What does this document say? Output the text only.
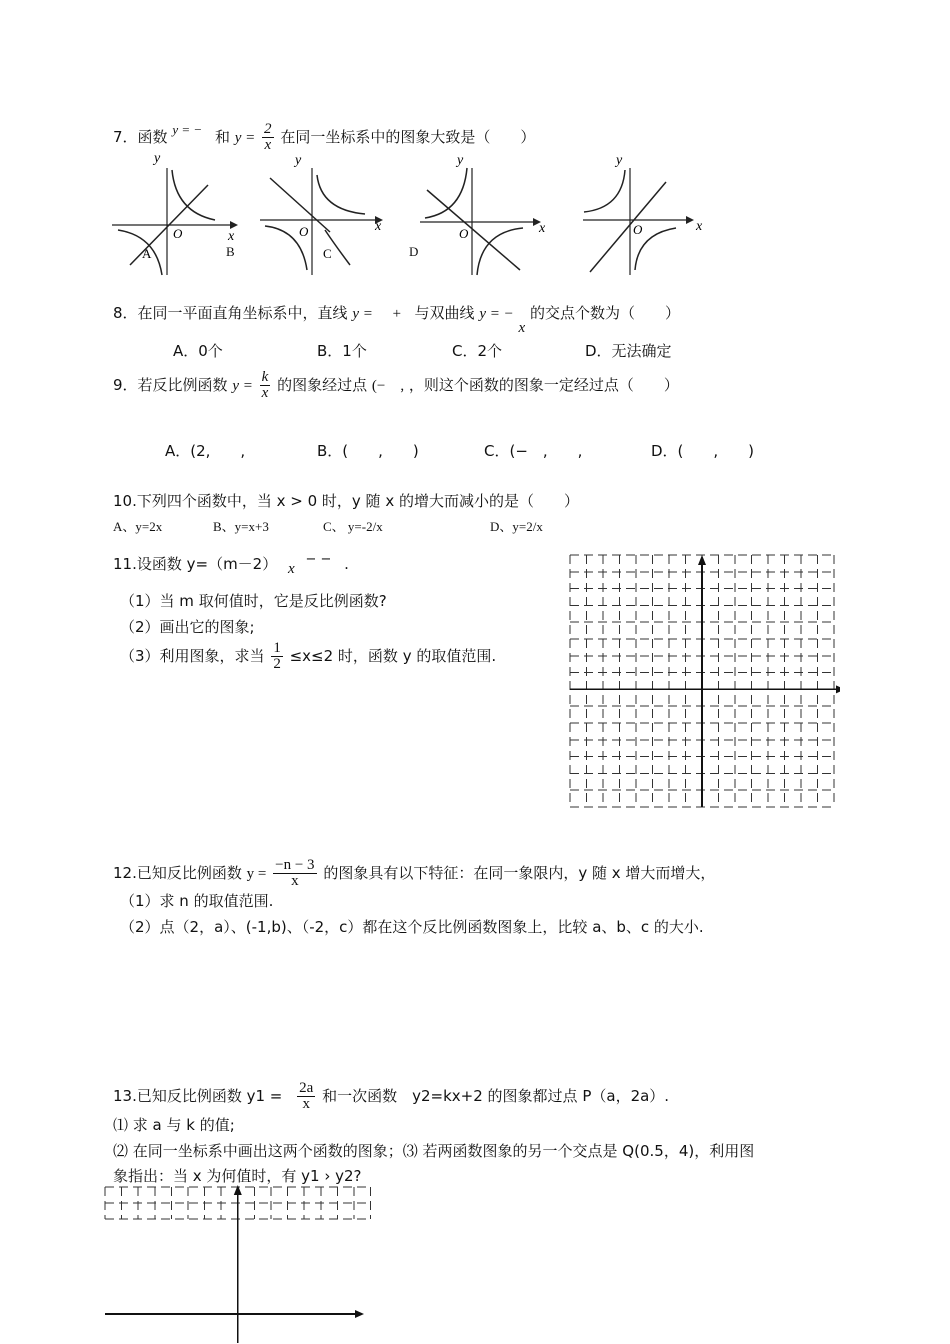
7．函数 y = − 和 $y = \frac{2}{x}$ 在同一坐标系中的图象大致是（　　）
y
x
O
A
y
x
O
C
B
y
x
O
D
y
x
O
8．在同一平面直角坐标系中，直线 y =　 + 与双曲线 y = − x 的交点个数为（　　）
A．0个	B．1个	C．2个	D．无法确定
9．若反比例函数 $y = \frac{k}{x}$ 的图象经过点 (−　, ，则这个函数的图象一定经过点（　　）
A．(2,　　,	B．(　　,　　)	C．(−　,　　,	D．(　　,　　)
10.下列四个函数中，当 x > 0 时，y 随 x 的增大而减小的是（　　）
A、y=2x	B、y=x+3	C、 y=-2/x	D、y=2/x
11.设函数 y=（m－2） x − − .
（1）当 m 取何值时，它是反比例函数?
（2）画出它的图象;
（3）利用图象，求当 $\frac{1}{2} \le x\le 2$ 时，函数 y 的取值范围.
12.已知反比例函数 $y = \frac{-n - 3}{x}$ 的图象具有以下特征：在同一象限内，y 随 x 增大而增大，
（1）求 n 的取值范围.
（2）点（2，a）、(-1,b)、（-2，c）都在这个反比例函数图象上，比较 a、b、c 的大小.
13.已知反比例函数 $y1 = \frac{2a}{x}$ 和一次函数　y2=kx+2 的图象都过点 P（a，2a）.
⑴ 求 a 与 k 的值;
⑵ 在同一坐标系中画出这两个函数的图象；⑶ 若两函数图象的另一个交点是 Q(0.5，4)，利用图
象指出：当 x 为何值时，有 y1 › y2?
